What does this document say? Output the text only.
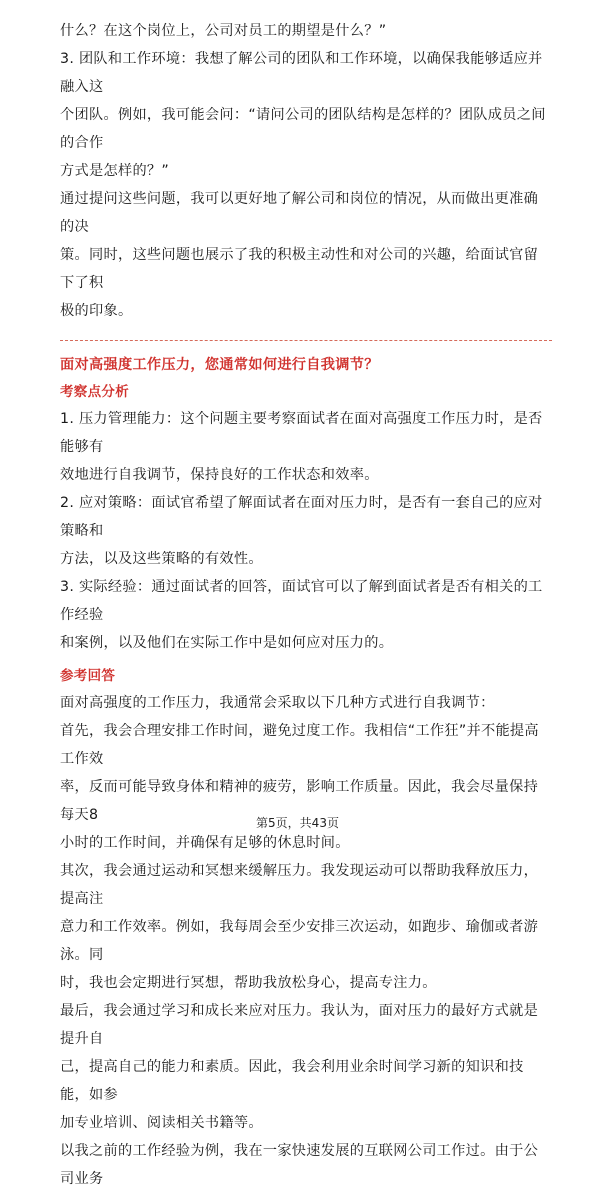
什么？在这个岗位上，公司对员工的期望是什么？”

3. 团队和工作环境：我想了解公司的团队和工作环境，以确保我能够适应并融入这

个团队。例如，我可能会问：“请问公司的团队结构是怎样的？团队成员之间的合作

方式是怎样的？”

通过提问这些问题，我可以更好地了解公司和岗位的情况，从而做出更准确的决

策。同时，这些问题也展示了我的积极主动性和对公司的兴趣，给面试官留下了积

极的印象。

面对高强度工作压力，您通常如何进行自我调节？

考察点分析

1. 压力管理能力：这个问题主要考察面试者在面对高强度工作压力时，是否能够有

效地进行自我调节，保持良好的工作状态和效率。

2. 应对策略：面试官希望了解面试者在面对压力时，是否有一套自己的应对策略和

方法，以及这些策略的有效性。

3. 实际经验：通过面试者的回答，面试官可以了解到面试者是否有相关的工作经验

和案例，以及他们在实际工作中是如何应对压力的。

参考回答

面对高强度的工作压力，我通常会采取以下几种方式进行自我调节：

首先，我会合理安排工作时间，避免过度工作。我相信“工作狂”并不能提高工作效

率，反而可能导致身体和精神的疲劳，影响工作质量。因此，我会尽量保持每天8

小时的工作时间，并确保有足够的休息时间。

其次，我会通过运动和冥想来缓解压力。我发现运动可以帮助我释放压力，提高注

意力和工作效率。例如，我每周会至少安排三次运动，如跑步、瑜伽或者游泳。同

时，我也会定期进行冥想，帮助我放松身心，提高专注力。

最后，我会通过学习和成长来应对压力。我认为，面对压力的最好方式就是提升自

己，提高自己的能力和素质。因此，我会利用业余时间学习新的知识和技能，如参

加专业培训、阅读相关书籍等。

以我之前的工作经验为例，我在一家快速发展的互联网公司工作过。由于公司业务

第5页，共43页
